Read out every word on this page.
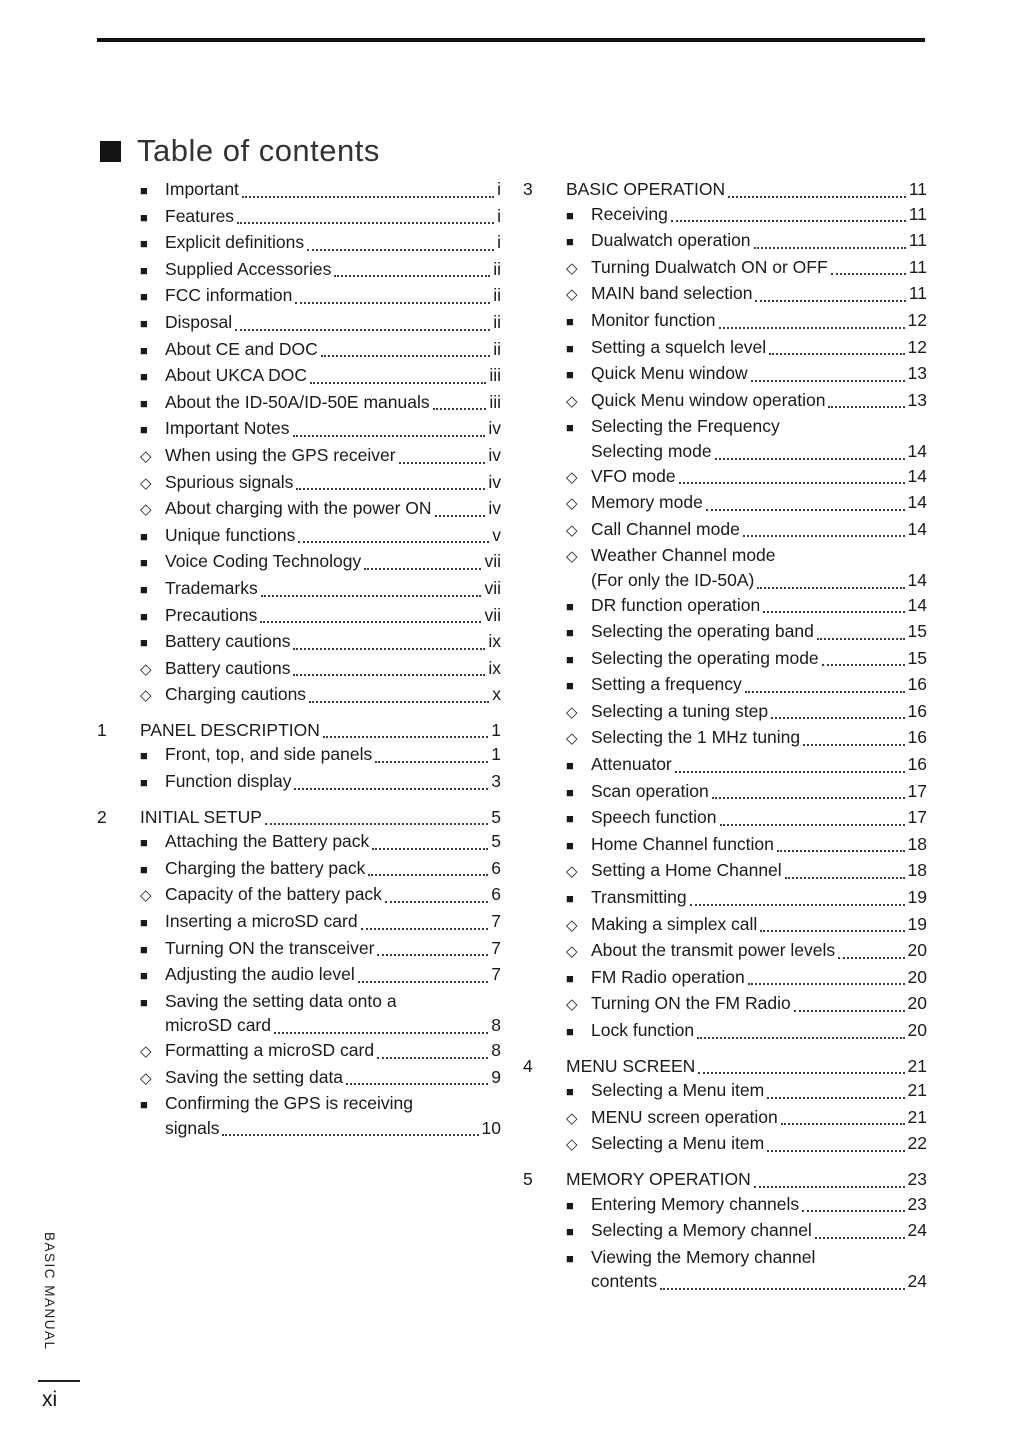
Table of contents
■ Important	i
■ Features	i
■ Explicit definitions	i
■ Supplied Accessories	ii
■ FCC information	ii
■ Disposal	ii
■ About CE and DOC	ii
■ About UKCA DOC	iii
■ About the ID-50A/ID-50E manuals	iii
■ Important Notes	iv
◇ When using the GPS receiver	iv
◇ Spurious signals	iv
◇ About charging with the power ON	iv
■ Unique functions	v
■ Voice Coding Technology	vii
■ Trademarks	vii
■ Precautions	vii
■ Battery cautions	ix
◇ Battery cautions	ix
◇ Charging cautions	x
1	PANEL DESCRIPTION	1
■ Front, top, and side panels	1
■ Function display	3
2	INITIAL SETUP	5
■ Attaching the Battery pack	5
■ Charging the battery pack	6
◇ Capacity of the battery pack	6
■ Inserting a microSD card	7
■ Turning ON the transceiver	7
■ Adjusting the audio level	7
■ Saving the setting data onto a
microSD card	8
◇ Formatting a microSD card	8
◇ Saving the setting data	9
■ Confirming the GPS is receiving
signals	10
3	BASIC OPERATION	11
■ Receiving	11
■ Dualwatch operation	11
◇ Turning Dualwatch ON or OFF	11
◇ MAIN band selection	11
■ Monitor function	12
■ Setting a squelch level	12
■ Quick Menu window	13
◇ Quick Menu window operation	13
■ Selecting the Frequency
Selecting mode	14
◇ VFO mode	14
◇ Memory mode	14
◇ Call Channel mode	14
◇ Weather Channel mode
(For only the ID-50A)	14
■ DR function operation	14
■ Selecting the operating band	15
■ Selecting the operating mode	15
■ Setting a frequency	16
◇ Selecting a tuning step	16
◇ Selecting the 1 MHz tuning	16
■ Attenuator	16
■ Scan operation	17
■ Speech function	17
■ Home Channel function	18
◇ Setting a Home Channel	18
■ Transmitting	19
◇ Making a simplex call	19
◇ About the transmit power levels	20
■ FM Radio operation	20
◇ Turning ON the FM Radio	20
■ Lock function	20
4	MENU SCREEN	21
■ Selecting a Menu item	21
◇ MENU screen operation	21
◇ Selecting a Menu item	22
5	MEMORY OPERATION	23
■ Entering Memory channels	23
■ Selecting a Memory channel	24
■ Viewing the Memory channel
contents	24
BASIC MANUAL
xi
